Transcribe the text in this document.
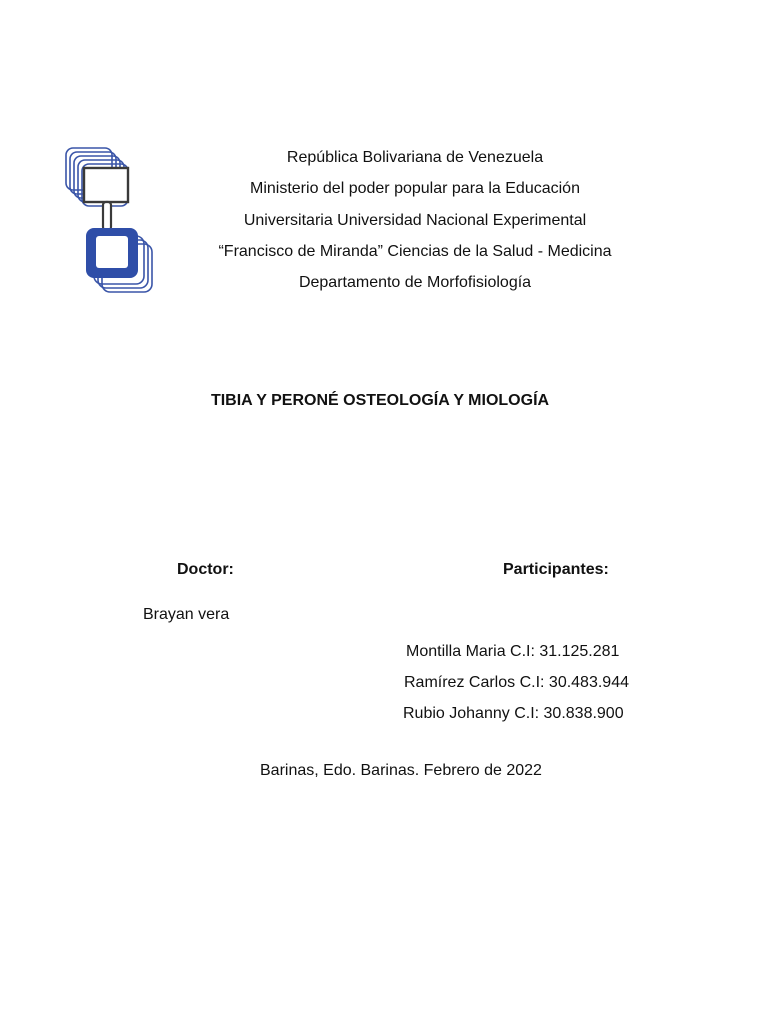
República Bolivariana de Venezuela
Ministerio del poder popular para la Educación
Universitaria Universidad Nacional Experimental
“Francisco de Miranda” Ciencias de la Salud - Medicina
Departamento de Morfofisiología
TIBIA Y PERONÉ OSTEOLOGÍA Y MIOLOGÍA
Doctor:	Participantes:
Brayan vera
Montilla Maria C.I: 31.125.281
Ramírez Carlos C.I: 30.483.944
Rubio Johanny C.I: 30.838.900
Barinas, Edo. Barinas. Febrero de 2022
